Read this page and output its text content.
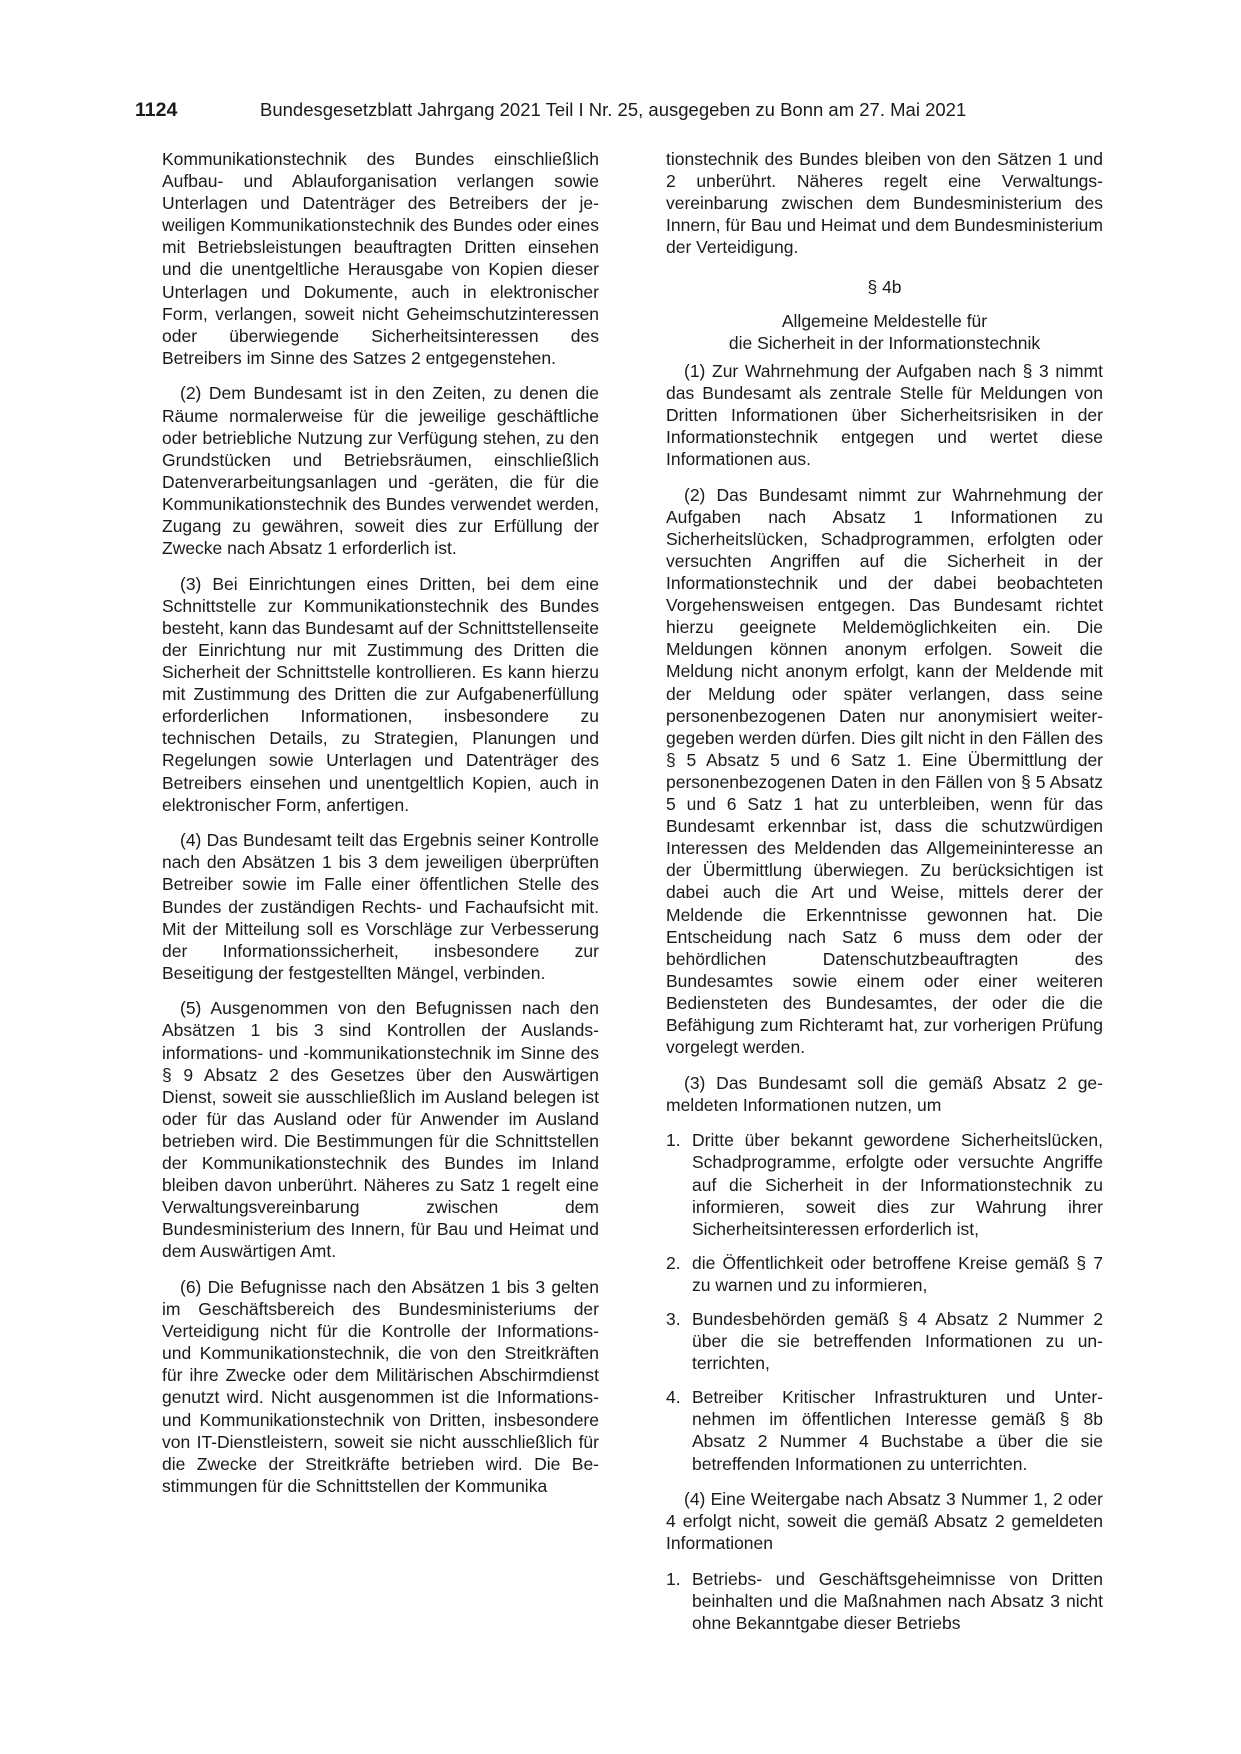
1124	Bundesgesetzblatt Jahrgang 2021 Teil I Nr. 25, ausgegeben zu Bonn am 27. Mai 2021

Kommunikationstechnik des Bundes einschließlich Aufbau- und Ablauforganisation verlangen sowie Unterlagen und Datenträger des Betreibers der jeweiligen Kommunikationstechnik des Bundes oder eines mit Betriebsleistungen beauftragten Dritten einsehen und die unentgeltliche Herausgabe von Kopien dieser Unterlagen und Dokumente, auch in elektronischer Form, verlangen, soweit nicht Geheimschutzinteressen oder überwiegende Sicherheitsinteressen des Betreibers im Sinne des Satzes 2 entgegenstehen.

(2) Dem Bundesamt ist in den Zeiten, zu denen die Räume normalerweise für die jeweilige geschäftliche oder betriebliche Nutzung zur Verfügung stehen, zu den Grundstücken und Betriebsräumen, einschließlich Datenverarbeitungsanlagen und -geräten, die für die Kommunikationstechnik des Bundes verwendet werden, Zugang zu gewähren, soweit dies zur Erfüllung der Zwecke nach Absatz 1 erforderlich ist.

(3) Bei Einrichtungen eines Dritten, bei dem eine Schnittstelle zur Kommunikationstechnik des Bundes besteht, kann das Bundesamt auf der Schnittstellenseite der Einrichtung nur mit Zustimmung des Dritten die Sicherheit der Schnittstelle kontrollieren. Es kann hierzu mit Zustimmung des Dritten die zur Aufgabenerfüllung erforderlichen Informationen, insbesondere zu technischen Details, zu Strategien, Planungen und Regelungen sowie Unterlagen und Datenträger des Betreibers einsehen und unentgeltlich Kopien, auch in elektronischer Form, anfertigen.

(4) Das Bundesamt teilt das Ergebnis seiner Kontrolle nach den Absätzen 1 bis 3 dem jeweiligen überprüften Betreiber sowie im Falle einer öffentlichen Stelle des Bundes der zuständigen Rechts- und Fachaufsicht mit. Mit der Mitteilung soll es Vorschläge zur Verbesserung der Informationssicherheit, insbesondere zur Beseitigung der festgestellten Mängel, verbinden.

(5) Ausgenommen von den Befugnissen nach den Absätzen 1 bis 3 sind Kontrollen der Auslandsinformations- und -kommunikationstechnik im Sinne des § 9 Absatz 2 des Gesetzes über den Auswärtigen Dienst, soweit sie ausschließlich im Ausland belegen ist oder für das Ausland oder für Anwender im Ausland betrieben wird. Die Bestimmungen für die Schnittstellen der Kommunikationstechnik des Bundes im Inland bleiben davon unberührt. Näheres zu Satz 1 regelt eine Verwaltungsvereinbarung zwischen dem Bundesministerium des Innern, für Bau und Heimat und dem Auswärtigen Amt.

(6) Die Befugnisse nach den Absätzen 1 bis 3 gelten im Geschäftsbereich des Bundesministeriums der Verteidigung nicht für die Kontrolle der Informations- und Kommunikationstechnik, die von den Streitkräften für ihre Zwecke oder dem Militärischen Abschirmdienst genutzt wird. Nicht ausgenommen ist die Informations- und Kommunikationstechnik von Dritten, insbesondere von IT-Dienstleistern, soweit sie nicht ausschließlich für die Zwecke der Streitkräfte betrieben wird. Die Bestimmungen für die Schnittstellen der Kommunika

tionstechnik des Bundes bleiben von den Sätzen 1 und 2 unberührt. Näheres regelt eine Verwaltungsvereinbarung zwischen dem Bundesministerium des Innern, für Bau und Heimat und dem Bundesministerium der Verteidigung.

§ 4b
Allgemeine Meldestelle für
die Sicherheit in der Informationstechnik

(1) Zur Wahrnehmung der Aufgaben nach § 3 nimmt das Bundesamt als zentrale Stelle für Meldungen von Dritten Informationen über Sicherheitsrisiken in der Informationstechnik entgegen und wertet diese Informationen aus.

(2) Das Bundesamt nimmt zur Wahrnehmung der Aufgaben nach Absatz 1 Informationen zu Sicherheitslücken, Schadprogrammen, erfolgten oder versuchten Angriffen auf die Sicherheit in der Informationstechnik und der dabei beobachteten Vorgehensweisen entgegen. Das Bundesamt richtet hierzu geeignete Meldemöglichkeiten ein. Die Meldungen können anonym erfolgen. Soweit die Meldung nicht anonym erfolgt, kann der Meldende mit der Meldung oder später verlangen, dass seine personenbezogenen Daten nur anonymisiert weitergegeben werden dürfen. Dies gilt nicht in den Fällen des § 5 Absatz 5 und 6 Satz 1. Eine Übermittlung der personenbezogenen Daten in den Fällen von § 5 Absatz 5 und 6 Satz 1 hat zu unterbleiben, wenn für das Bundesamt erkennbar ist, dass die schutzwürdigen Interessen des Meldenden das Allgemeininteresse an der Übermittlung überwiegen. Zu berücksichtigen ist dabei auch die Art und Weise, mittels derer der Meldende die Erkenntnisse gewonnen hat. Die Entscheidung nach Satz 6 muss dem oder der behördlichen Datenschutzbeauftragten des Bundesamtes sowie einem oder einer weiteren Bediensteten des Bundesamtes, der oder die die Befähigung zum Richteramt hat, zur vorherigen Prüfung vorgelegt werden.

(3) Das Bundesamt soll die gemäß Absatz 2 gemeldeten Informationen nutzen, um

1. Dritte über bekannt gewordene Sicherheitslücken, Schadprogramme, erfolgte oder versuchte Angriffe auf die Sicherheit in der Informationstechnik zu informieren, soweit dies zur Wahrung ihrer Sicherheitsinteressen erforderlich ist,
2. die Öffentlichkeit oder betroffene Kreise gemäß § 7 zu warnen und zu informieren,
3. Bundesbehörden gemäß § 4 Absatz 2 Nummer 2 über die sie betreffenden Informationen zu unterrichten,
4. Betreiber Kritischer Infrastrukturen und Unternehmen im öffentlichen Interesse gemäß § 8b Absatz 2 Nummer 4 Buchstabe a über die sie betreffenden Informationen zu unterrichten.

(4) Eine Weitergabe nach Absatz 3 Nummer 1, 2 oder 4 erfolgt nicht, soweit die gemäß Absatz 2 gemeldeten Informationen

1. Betriebs- und Geschäftsgeheimnisse von Dritten beinhalten und die Maßnahmen nach Absatz 3 nicht ohne Bekanntgabe dieser Betriebs
